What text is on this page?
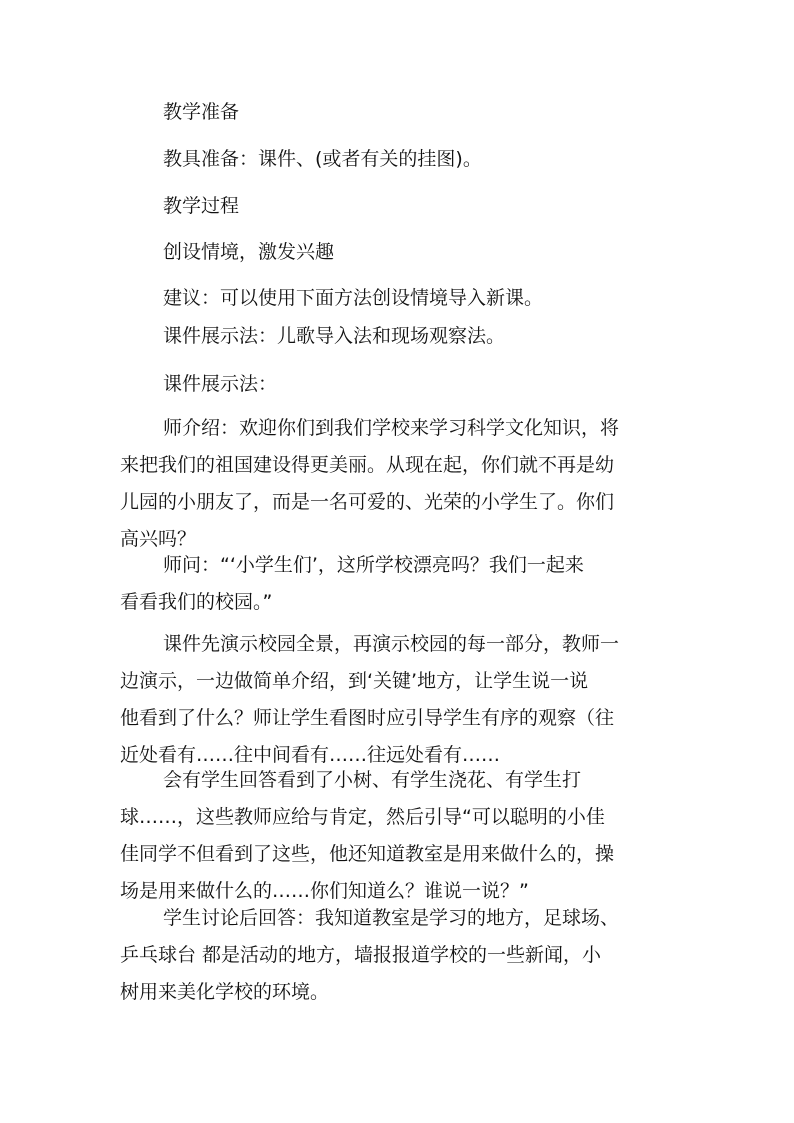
教学准备

教具准备：课件、(或者有关的挂图)。

教学过程

创设情境，激发兴趣

建议：可以使用下面方法创设情境导入新课。

课件展示法：儿歌导入法和现场观察法。

课件展示法：

师介绍：欢迎你们到我们学校来学习科学文化知识，将

来把我们的祖国建设得更美丽。从现在起，你们就不再是幼

儿园的小朋友了，而是一名可爱的、光荣的小学生了。你们

高兴吗？

师问：“‘小学生们’，这所学校漂亮吗？我们一起来

看看我们的校园。”

课件先演示校园全景，再演示校园的每一部分，教师一

边演示，一边做简单介绍，到‘关键’地方，让学生说一说

他看到了什么？师让学生看图时应引导学生有序的观察（往

近处看有……往中间看有……往远处看有……

会有学生回答看到了小树、有学生浇花、有学生打

球……，这些教师应给与肯定，然后引导“可以聪明的小佳

佳同学不但看到了这些，他还知道教室是用来做什么的，操

场是用来做什么的……你们知道么？谁说一说？”

学生讨论后回答：我知道教室是学习的地方，足球场、

乒乓球台 都是活动的地方，墙报报道学校的一些新闻，小

树用来美化学校的环境。
